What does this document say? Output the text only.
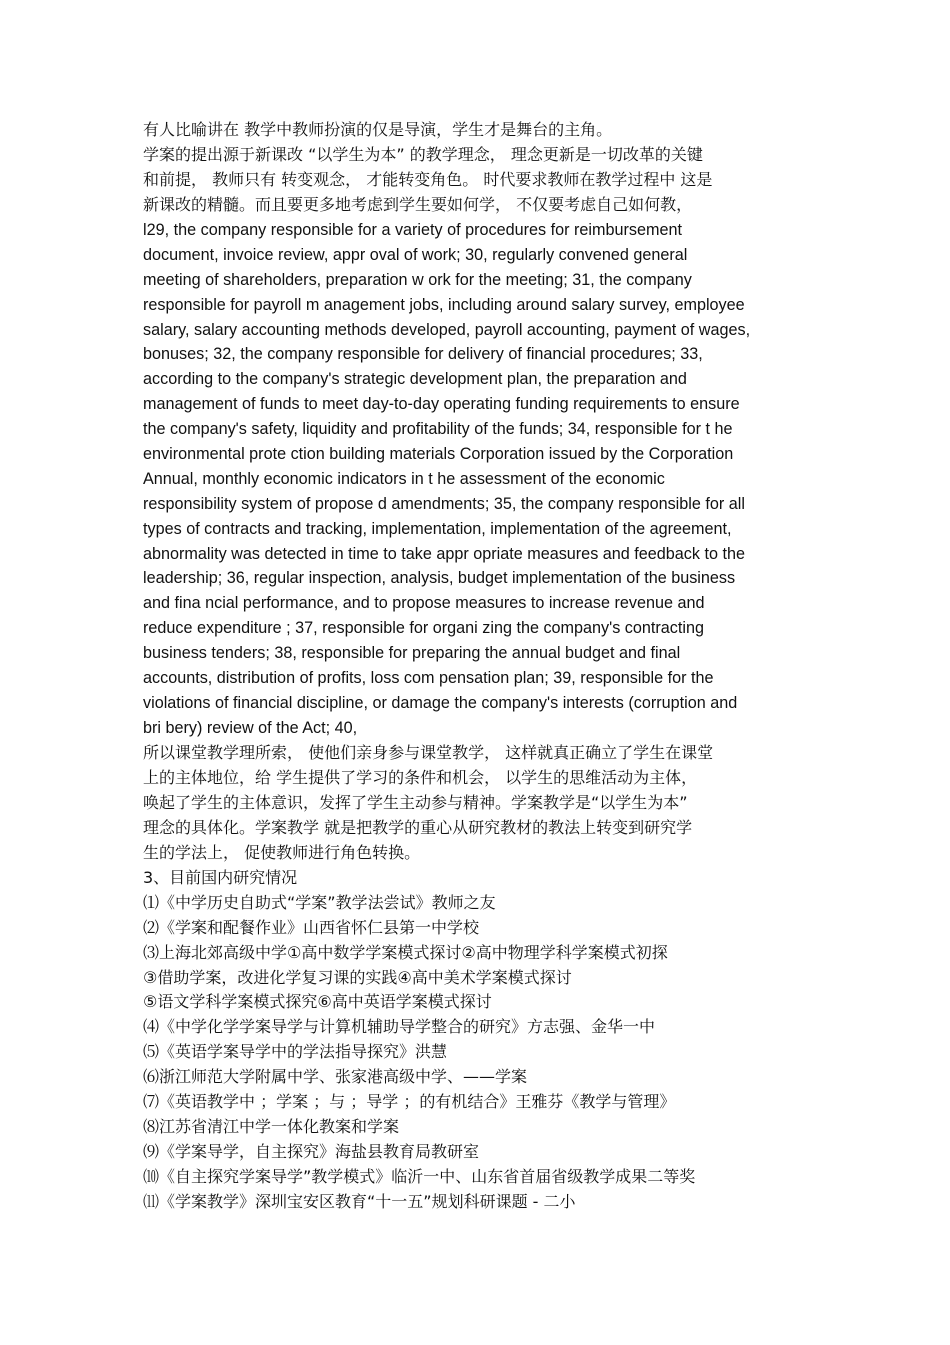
有人比喻讲在 教学中教师扮演的仅是导演，学生才是舞台的主角。
学案的提出源于新课改 “以学生为本” 的教学理念， 理念更新是一切改革的关键
和前提， 教师只有 转变观念， 才能转变角色。 时代要求教师在教学过程中 这是
新课改的精髓。而且要更多地考虑到学生要如何学， 不仅要考虑自己如何教，
l29, the company responsible for a variety of procedures for reimbursement
document, invoice review, appr oval of work; 30, regularly convened general
meeting of shareholders, preparation w ork for the meeting; 31, the company
responsible for payroll m anagement jobs, including around salary survey, employee
salary, salary accounting methods developed, payroll accounting, payment of wages,
bonuses; 32, the company responsible for delivery of financial procedures; 33,
according to the company's strategic development plan, the preparation and
management of funds to meet day-to-day operating funding requirements to ensure
the company's safety, liquidity and profitability of the funds; 34, responsible for t he
environmental prote ction building materials Corporation issued by the Corporation
Annual, monthly economic indicators in t he assessment of the economic
responsibility system of propose d amendments; 35, the company responsible for all
types of contracts and tracking, implementation, implementation of the agreement,
abnormality was detected in time to take appr opriate measures and feedback to the
leadership; 36, regular inspection, analysis, budget implementation of the business
and fina ncial performance, and to propose measures to increase revenue and
reduce expenditure ; 37, responsible for organi zing the company's contracting
business tenders; 38, responsible for preparing the annual budget and final
accounts, distribution of profits, loss com pensation plan; 39, responsible for the
violations of financial discipline, or damage the company's interests (corruption and
bri bery) review of the Act; 40,
所以课堂教学理所索， 使他们亲身参与课堂教学， 这样就真正确立了学生在课堂
上的主体地位，给 学生提供了学习的条件和机会， 以学生的思维活动为主体，
唤起了学生的主体意识，发挥了学生主动参与精神。学案教学是“以学生为本”
理念的具体化。学案教学 就是把教学的重心从研究教材的教法上转变到研究学
生的学法上， 促使教师进行角色转换。
3、目前国内研究情况
⑴《中学历史自助式“学案”教学法尝试》教师之友
⑵《学案和配餐作业》山西省怀仁县第一中学校
⑶上海北郊高级中学①高中数学学案模式探讨②高中物理学科学案模式初探
③借助学案，改进化学复习课的实践④高中美术学案模式探讨
⑤语文学科学案模式探究⑥高中英语学案模式探讨
⑷《中学化学学案导学与计算机辅助导学整合的研究》方志强、金华一中
⑸《英语学案导学中的学法指导探究》洪慧
⑹浙江师范大学附属中学、张家港高级中学、——学案
⑺《英语教学中 ；学案 ；与 ；导学 ；的有机结合》王雅芬《教学与管理》
⑻江苏省清江中学一体化教案和学案
⑼《学案导学，自主探究》海盐县教育局教研室
⑽《自主探究学案导学”教学模式》临沂一中、山东省首届省级教学成果二等奖
⑾《学案教学》深圳宝安区教育“十一五”规划科研课题 - 二小
